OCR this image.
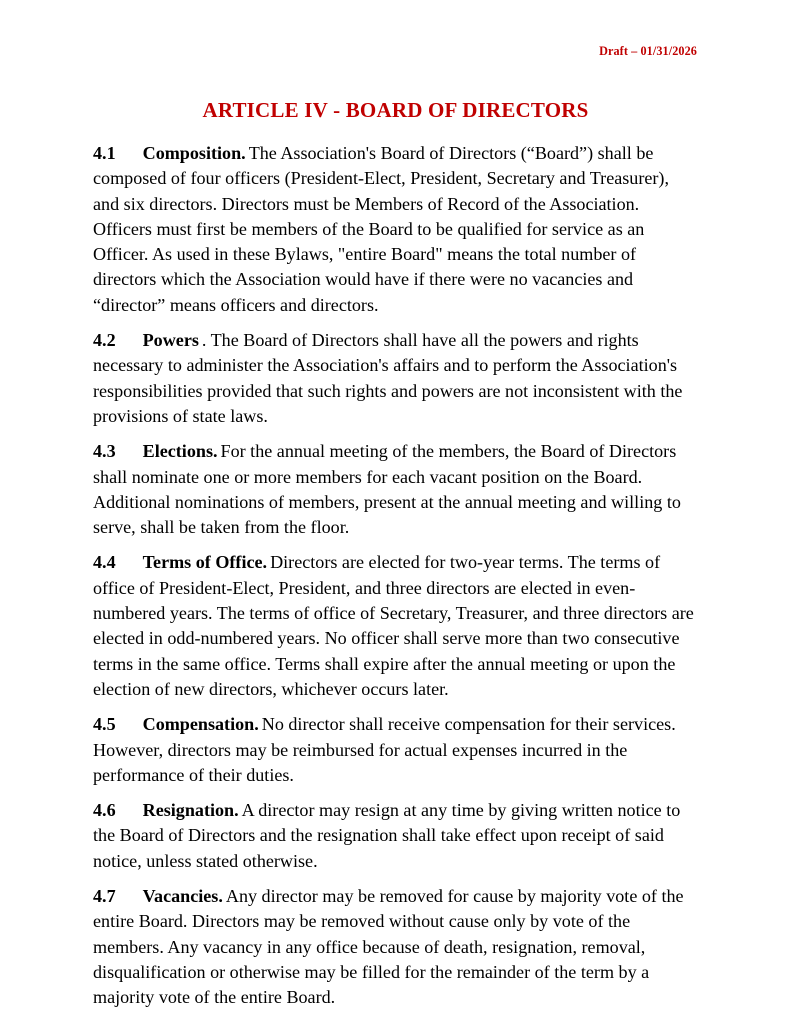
Draft – 01/31/2026
ARTICLE IV - BOARD OF DIRECTORS

4.1 Composition. The Association's Board of Directors (“Board”) shall be composed of four officers (President-Elect, President, Secretary and Treasurer), and six directors. Directors must be Members of Record of the Association. Officers must first be members of the Board to be qualified for service as an Officer. As used in these Bylaws, "entire Board" means the total number of directors which the Association would have if there were no vacancies and “director” means officers and directors.

4.2 Powers . The Board of Directors shall have all the powers and rights necessary to administer the Association's affairs and to perform the Association's responsibilities provided that such rights and powers are not inconsistent with the provisions of state laws.

4.3 Elections. For the annual meeting of the members, the Board of Directors shall nominate one or more members for each vacant position on the Board. Additional nominations of members, present at the annual meeting and willing to serve, shall be taken from the floor.

4.4 Terms of Office. Directors are elected for two-year terms. The terms of office of President-Elect, President, and three directors are elected in even-numbered years. The terms of office of Secretary, Treasurer, and three directors are elected in odd-numbered years. No officer shall serve more than two consecutive terms in the same office. Terms shall expire after the annual meeting or upon the election of new directors, whichever occurs later.

4.5 Compensation. No director shall receive compensation for their services. However, directors may be reimbursed for actual expenses incurred in the performance of their duties.

4.6 Resignation. A director may resign at any time by giving written notice to the Board of Directors and the resignation shall take effect upon receipt of said notice, unless stated otherwise.

4.7 Vacancies. Any director may be removed for cause by majority vote of the entire Board. Directors may be removed without cause only by vote of the members. Any vacancy in any office because of death, resignation, removal, disqualification or otherwise may be filled for the remainder of the term by a majority vote of the entire Board.
